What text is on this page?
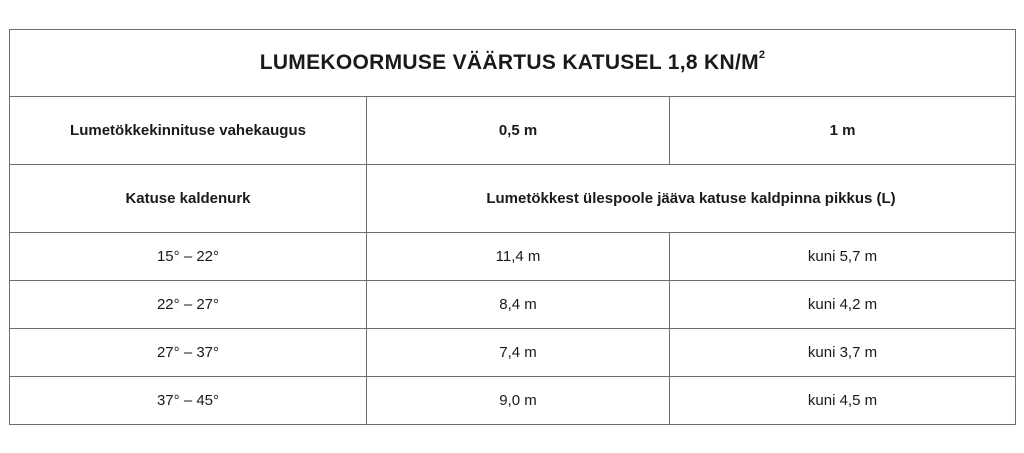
LUMEKOORMUSE VÄÄRTUS KATUSEL 1,8 $KN/M^2$
Lumetökkekinnituse vahekaugus	0,5 m	1 m
Katuse kaldenurk	Lumetökkest ülespoole jääva katuse kaldpinna pikkus (L)	
15° – 22°	11,4 m	kuni 5,7 m
22° – 27°	8,4 m	kuni 4,2 m
27° – 37°	7,4 m	kuni 3,7 m
37° – 45°	9,0 m	kuni 4,5 m
